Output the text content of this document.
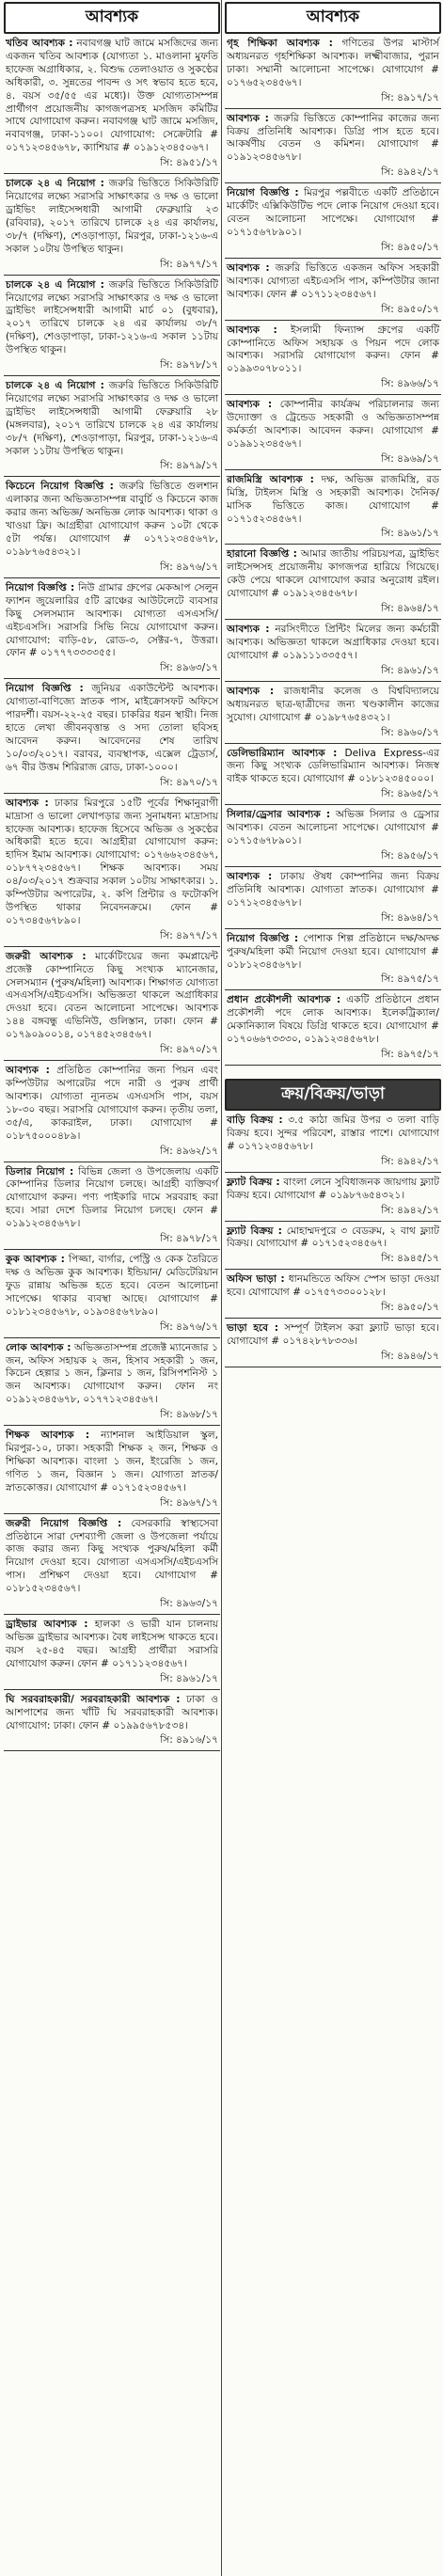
আবশ্যক
খতিব আবশ্যক : নবাবগঞ্জ ঘাট জামে মসজিদের জন্য একজন খতিব আবশ্যক (যোগ্যতা ১. মাওলানা মুফতি হাফেজ অগ্রাধিকার, ২. বিশুদ্ধ তেলাওয়াত ও সুকণ্ঠের অধিকারী, ৩. সুন্নতের পাবন্দ ও সৎ স্বভাব হতে হবে, ৪. বয়স ৩৫/৫৫ এর মধ্যে)। উক্ত যোগ্যতাসম্পন্ন প্রার্থীগণ প্রয়োজনীয় কাগজপত্রসহ মসজিদ কমিটির সাথে যোগাযোগ করুন। নবাবগঞ্জ ঘাট জামে মসজিদ, নবাবগঞ্জ, ঢাকা-১১০০। যোগাযোগ: সেক্রেটারি # ০১৭১২৩৪৫৬৭৮, ক্যাশিয়ার # ০১৯১২৩৪৫০৬৭।
সি: ৪৯৫১/১৭
চালকে ২৪ এ নিয়োগ : জরুরি ভিত্তিতে সিকিউরিটি নিয়োগের লক্ষ্যে সরাসরি সাক্ষাৎকার ও দক্ষ ও ভালো ড্রাইভিং লাইসেন্সধারী আগামী ফেব্রুয়ারি ২৩ (রবিবার), ২০১৭ তারিখে চালকে ২৪ এর কার্যালয়, ৩৮/৭ (দক্ষিণ), শেওড়াপাড়া, মিরপুর, ঢাকা-১২১৬-এ সকাল ১০টায় উপস্থিত থাকুন।
সি: ৪৯৭৭/১৭
চালকে ২৪ এ নিয়োগ : জরুরি ভিত্তিতে সিকিউরিটি নিয়োগের লক্ষ্যে সরাসরি সাক্ষাৎকার ও দক্ষ ও ভালো ড্রাইভিং লাইসেন্সধারী আগামী মার্চ ০১ (বুধবার), ২০১৭ তারিখে চালকে ২৪ এর কার্যালয় ৩৮/৭ (দক্ষিণ), শেওড়াপাড়া, ঢাকা-১২১৬-এ সকাল ১১টায় উপস্থিত থাকুন।
সি: ৪৯৭৮/১৭
চালকে ২৪ এ নিয়োগ : জরুরি ভিত্তিতে সিকিউরিটি নিয়োগের লক্ষ্যে সরাসরি সাক্ষাৎকার ও দক্ষ ও ভালো ড্রাইভিং লাইসেন্সধারী আগামী ফেব্রুয়ারি ২৮ (মঙ্গলবার), ২০১৭ তারিখে চালকে ২৪ এর কার্যালয় ৩৮/৭ (দক্ষিণ), শেওড়াপাড়া, মিরপুর, ঢাকা-১২১৬-এ সকাল ১১টায় উপস্থিত থাকুন।
সি: ৪৯৭৯/১৭
কিচেনে নিয়োগ বিজ্ঞপ্তি : জরুরি ভিত্তিতে গুলশান এলাকার জন্য অভিজ্ঞতাসম্পন্ন বাবুর্চি ও কিচেনে কাজ করার জন্য অভিজ্ঞ/ অনভিজ্ঞ লোক আবশ্যক। থাকা ও খাওয়া ফ্রি। আগ্রহীরা যোগাযোগ করুন ১০টা থেকে ৫টা পর্যন্ত। যোগাযোগ # ০১৭১২৩৪৫৬৭৮, ০১৯৮৭৬৫৪৩২১।
সি: ৪৯৭৬/১৭
নিয়োগ বিজ্ঞপ্তি : নিউ গ্রামার গ্রুপের মেকআপ সেলুন ফ্যাশন জুয়েলারির ৫টি ব্রাঞ্চের আউটলেটে ব্যবসার কিছু সেলসম্যান আবশ্যক। যোগ্যতা এসএসসি/এইচএসসি। সরাসরি সিভি নিয়ে যোগাযোগ করুন। যোগাযোগ: বাড়ি-৫৮, রোড-৩, সেক্টর-৭, উত্তরা। ফোন # ০১৭৭৭৩৩৩৩৫৫।
সি: ৪৯৬৩/১৭
নিয়োগ বিজ্ঞপ্তি : জুনিয়র একাউন্টেন্ট আবশ্যক। যোগ্যতা-বাণিজ্যে স্নাতক পাস, মাইক্রোসফট অফিসে পারদর্শী। বয়স-২২-২৫ বছর। চাকরির ধরন স্থায়ী। নিজ হাতে লেখা জীবনবৃত্তান্ত ও সদ্য তোলা ছবিসহ আবেদন করুন। আবেদনের শেষ তারিখ ১০/০৩/২০১৭। বরাবর, ব্যবস্থাপক, এক্সেল ট্রেডার্স, ৬৭ বীর উত্তম শিরিরাজ রোড, ঢাকা-১০০০।
সি: ৪৯৭০/১৭
আবশ্যক : ঢাকার মিরপুরে ১৫টি পূর্বের শিক্ষানুরাগী মাদ্রাসা ও ভালো লেখাপড়ার জন্য সুনামধন্য মাদ্রাসায় হাফেজ আবশ্যক। হাফেজ হিসেবে অভিজ্ঞ ও সুকণ্ঠের অধিকারী হতে হবে। আগ্রহীরা যোগাযোগ করুন: হাদিস ইমাম আবশ্যক। যোগাযোগ: ০১৭৬৬২৩৪৫৬৭, ০১৮৭৭২৩৪৫৬৭। শিক্ষক আবশ্যক। সময় ০৪/০৩/২০১৭ শুক্রবার সকাল ১০টায় সাক্ষাৎকার। ১. কম্পিউটার অপারেটর, ২. কপি প্রিন্টার ও ফটোকপি উপস্থিত থাকার নিবেদনক্রমে। ফোন # ০১৭৩৪৫৬৭৮৯০।
সি: ৪৯৭৭/১৭
জরুরী আবশ্যক : মার্কেটিংয়ের জন্য কমপ্লায়েন্ট প্রজেক্ট কোম্পানিতে কিছু সংখ্যক ম্যানেজার, সেলসম্যান (পুরুষ/মহিলা) আবশ্যক। শিক্ষাগত যোগ্যতা এসএসসি/এইচএসসি। অভিজ্ঞতা থাকলে অগ্রাধিকার দেওয়া হবে। বেতন আলোচনা সাপেক্ষে। আবশ্যক ১৪৪ বঙ্গবন্ধু এভিনিউ, গুলিস্তান, ঢাকা। ফোন # ০১৭৯০৯০০১৪, ০১৭৪৫২৩৪৫৬৭।
সি: ৪৯৭০/১৭
আবশ্যক : প্রতিষ্ঠিত কোম্পানির জন্য পিয়ন এবং কম্পিউটার অপারেটর পদে নারী ও পুরুষ প্রার্থী আবশ্যক। যোগ্যতা ন্যূনতম এসএসসি পাস, বয়স ১৮-৩০ বছর। সরাসরি যোগাযোগ করুন। তৃতীয় তলা, ৩৫/এ, কাকরাইল, ঢাকা। যোগাযোগ # ০১৮৭৫০০০৪৮৯।
সি: ৪৯৬২/১৭
ডিলার নিয়োগ : বিভিন্ন জেলা ও উপজেলায় একটি কোম্পানির ডিলার নিয়োগ চলছে। আগ্রহী ব্যক্তিবর্গ যোগাযোগ করুন। পণ্য পাইকারি দামে সরবরাহ করা হবে। সারা দেশে ডিলার নিয়োগ চলছে। ফোন # ০১৯১২৩৪৫৬৭৮।
সি: ৪৯৭৮/১৭
কুক আবশ্যক : পিজ্জা, বার্গার, পেস্ট্রি ও কেক তৈরিতে দক্ষ ও অভিজ্ঞ কুক আবশ্যক। ইন্ডিয়ান/ মেডিটেরিয়ান ফুড রান্নায় অভিজ্ঞ হতে হবে। বেতন আলোচনা সাপেক্ষে। থাকার ব্যবস্থা আছে। যোগাযোগ # ০১৮১২৩৪৫৬৭৮, ০১৯৩৪৫৬৭৮৯০।
সি: ৪৯৭৬/১৭
লোক আবশ্যক : অভিজ্ঞতাসম্পন্ন প্রজেক্ট ম্যানেজার ১ জন, অফিস সহায়ক ২ জন, হিসাব সহকারী ১ জন, কিচেন হেল্পার ১ জন, ক্লিনার ১ জন, রিসিপশনিস্ট ১ জন আবশ্যক। যোগাযোগ করুন। ফোন নং ০১৯১২৩৪৫৬৭৮, ০১৭৭১২৩৪৫৬৭।
সি: ৪৯৬৮/১৭
শিক্ষক আবশ্যক : ন্যাশনাল আইডিয়াল স্কুল, মিরপুর-১০, ঢাকা। সহকারী শিক্ষক ২ জন, শিক্ষক ও শিক্ষিকা আবশ্যক। বাংলা ১ জন, ইংরেজি ১ জন, গণিত ১ জন, বিজ্ঞান ১ জন। যোগ্যতা স্নাতক/স্নাতকোত্তর। যোগাযোগ # ০১৭১৫২৩৪৫৬৭।
সি: ৪৯৬৭/১৭
জরুরী নিয়োগ বিজ্ঞপ্তি : বেসরকারি স্বাস্থ্যসেবা প্রতিষ্ঠানে সারা দেশব্যাপী জেলা ও উপজেলা পর্যায়ে কাজ করার জন্য কিছু সংখ্যক পুরুষ/মহিলা কর্মী নিয়োগ দেওয়া হবে। যোগ্যতা এসএসসি/এইচএসসি পাস। প্রশিক্ষণ দেওয়া হবে। যোগাযোগ # ০১৮১৫২৩৪৫৬৭।
সি: ৪৯৬৩/১৭
ড্রাইভার আবশ্যক : হালকা ও ভারী যান চালনায় অভিজ্ঞ ড্রাইভার আবশ্যক। বৈধ লাইসেন্স থাকতে হবে। বয়স ২৫-৪৫ বছর। আগ্রহী প্রার্থীরা সরাসরি যোগাযোগ করুন। ফোন # ০১৭১১২৩৪৫৬৭।
সি: ৪৯৬১/১৭
ঘি সরবরাহকারী/ সরবরাহকারী আবশ্যক : ঢাকা ও আশপাশের জন্য খাঁটি ঘি সরবরাহকারী আবশ্যক। যোগাযোগ: ঢাকা। ফোন # ০১৯৯৫৬৭৮৫৩৪।
সি: ৪৯১৬/১৭
আবশ্যক
গৃহ শিক্ষিকা আবশ্যক : গণিতের উপর মাস্টার্স অধ্যয়নরত গৃহশিক্ষিকা আবশ্যক। লক্ষ্মীবাজার, পুরান ঢাকা। সম্মানী আলোচনা সাপেক্ষে। যোগাযোগ # ০১৭৬৫২৩৪৫৬৭।
সি: ৪৯১৭/১৭
আবশ্যক : জরুরি ভিত্তিতে কোম্পানির কাজের জন্য বিক্রয় প্রতিনিধি আবশ্যক। ডিগ্রি পাস হতে হবে। আকর্ষণীয় বেতন ও কমিশন। যোগাযোগ # ০১৯১২৩৪৫৬৭৮।
সি: ৪৯৪২/১৭
নিয়োগ বিজ্ঞপ্তি : মিরপুর পল্লবীতে একটি প্রতিষ্ঠানে মার্কেটিং এক্সিকিউটিভ পদে লোক নিয়োগ দেওয়া হবে। বেতন আলোচনা সাপেক্ষে। যোগাযোগ # ০১৭১৫৬৭৮৯০১।
সি: ৪৯৫০/১৭
আবশ্যক : জরুরি ভিত্তিতে একজন অফিস সহকারী আবশ্যক। যোগ্যতা এইচএসসি পাস, কম্পিউটার জানা আবশ্যক। ফোন # ০১৭১১২৩৪৫৬৭।
সি: ৪৯৫০/১৭
আবশ্যক : ইসলামী ফিন্যান্স গ্রুপের একটি কোম্পানিতে অফিস সহায়ক ও পিয়ন পদে লোক আবশ্যক। সরাসরি যোগাযোগ করুন। ফোন # ০১৯৯৩০৭৮০১১।
সি: ৪৯৬৬/১৭
আবশ্যক : কোম্পানীর কার্যক্রম পরিচালনার জন্য উদ্যোক্তা ও ট্রেন্ডেড সহকারী ও অভিজ্ঞতাসম্পন্ন কর্মকর্তা আবশ্যক। আবেদন করুন। যোগাযোগ # ০১৯৯১২৩৪৫৬৭।
সি: ৪৯৬৯/১৭
রাজমিস্ত্রি আবশ্যক : দক্ষ, অভিজ্ঞ রাজমিস্ত্রি, রড মিস্ত্রি, টাইলস মিস্ত্রি ও সহকারী আবশ্যক। দৈনিক/মাসিক ভিত্তিতে কাজ। যোগাযোগ # ০১৭১৫২৩৪৫৬৭।
সি: ৪৯৬১/১৭
হারানো বিজ্ঞপ্তি : আমার জাতীয় পরিচয়পত্র, ড্রাইভিং লাইসেন্সসহ প্রয়োজনীয় কাগজপত্র হারিয়ে গিয়েছে। কেউ পেয়ে থাকলে যোগাযোগ করার অনুরোধ রইল। যোগাযোগ # ০১৯১২৩৪৫৬৭৮।
সি: ৪৯৬৪/১৭
আবশ্যক : নরসিংদীতে প্রিন্টিং মিলের জন্য কর্মচারী আবশ্যক। অভিজ্ঞতা থাকলে অগ্রাধিকার দেওয়া হবে। যোগাযোগ # ০১৯১১১৩৩৫৫৭।
সি: ৪৯৬১/১৭
আবশ্যক : রাজধানীর কলেজ ও বিশ্ববিদ্যালয়ে অধ্যয়নরত ছাত্র-ছাত্রীদের জন্য খণ্ডকালীন কাজের সুযোগ। যোগাযোগ # ০১৯৮৭৬৫৪৩২১।
সি: ৪৯৬০/১৭
ডেলিভারিম্যান আবশ্যক : Deliva Express-এর জন্য কিছু সংখ্যক ডেলিভারিম্যান আবশ্যক। নিজস্ব বাইক থাকতে হবে। যোগাযোগ # ০১৮১২৩৪৫০০০।
সি: ৪৯৬৫/১৭
সিলার/ড্রেসার আবশ্যক : অভিজ্ঞ সিলার ও ড্রেসার আবশ্যক। বেতন আলোচনা সাপেক্ষে। যোগাযোগ # ০১৭১৫৬৭৮৯০১।
সি: ৪৯৫৬/১৭
আবশ্যক : ঢাকায় ঔষধ কোম্পানির জন্য বিক্রয় প্রতিনিধি আবশ্যক। যোগ্যতা স্নাতক। যোগাযোগ # ০১৭১২৩৪৫৬৭৮।
সি: ৪৯৬৪/১৭
নিয়োগ বিজ্ঞপ্তি : পোশাক শিল্প প্রতিষ্ঠানে দক্ষ/অদক্ষ পুরুষ/মহিলা কর্মী নিয়োগ দেওয়া হবে। যোগাযোগ # ০১৮১২৩৪৫৬৭৮।
সি: ৪৯৭৫/১৭
প্রধান প্রকৌশলী আবশ্যক : একটি প্রতিষ্ঠানে প্রধান প্রকৌশলী পদে লোক আবশ্যক। ইলেকট্রিক্যাল/মেকানিক্যাল বিষয়ে ডিগ্রি থাকতে হবে। যোগাযোগ # ০১৭০৬৬৭৩৩৩০, ০১৯১২৩৪৫৬৭৮।
সি: ৪৯৭৫/১৭
ক্রয়/বিক্রয়/ভাড়া
বাড়ি বিক্রয় : ৩.৫ কাঠা জমির উপর ৩ তলা বাড়ি বিক্রয় হবে। সুন্দর পরিবেশ, রাস্তার পাশে। যোগাযোগ # ০১৭১২৩৪৫৬৭৮।
সি: ৪৯৪২/১৭
ফ্ল্যাট বিক্রয় : বাংলা লেনে সুবিধাজনক জায়গায় ফ্ল্যাট বিক্রয় হবে। যোগাযোগ # ০১৯৮৭৬৫৪৩২১।
সি: ৪৯৪২/১৭
ফ্ল্যাট বিক্রয় : মোহাম্মদপুরে ৩ বেডরুম, ২ বাথ ফ্ল্যাট বিক্রয়। যোগাযোগ # ০১৭১৫২৩৪৫৬৭।
সি: ৪৯৪৫/১৭
অফিস ভাড়া : ধানমন্ডিতে অফিস স্পেস ভাড়া দেওয়া হবে। যোগাযোগ # ০১৭৫৭৩৩০০১২৮।
সি: ৪৯৫০/১৭
ভাড়া হবে : সম্পূর্ণ টাইলস করা ফ্ল্যাট ভাড়া হবে। যোগাযোগ # ০১৭৪২৮৭৮৩৩৬।
সি: ৪৯৪৬/১৭
